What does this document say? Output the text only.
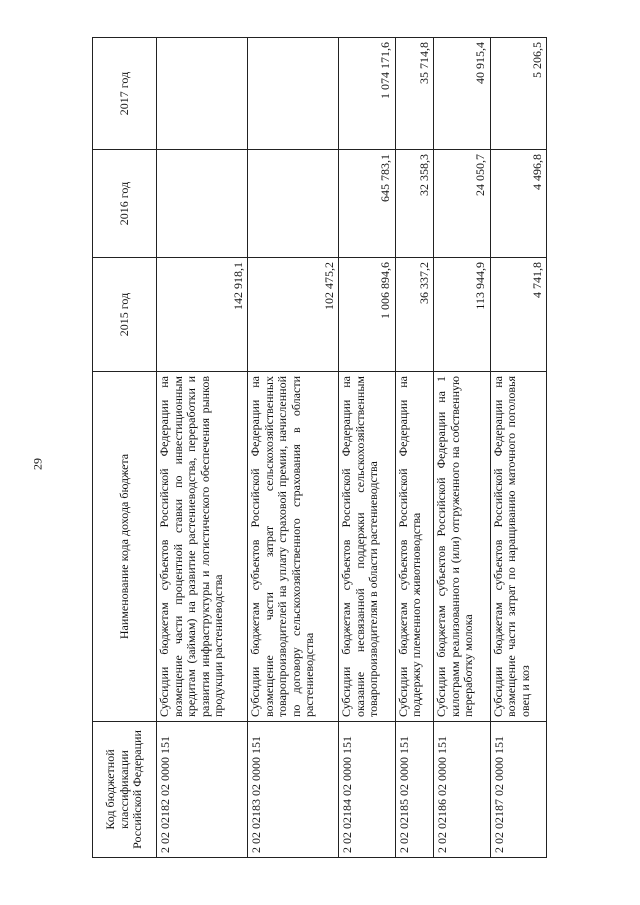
29
Код бюджетной классификации Российской Федерации	Наименование кода дохода бюджета	2015 год	2016 год	2017 год
2 02 02182 02 0000 151	Субсидии бюджетам субъектов Российской Федерации на возмещение части процентной ставки по инвестиционным кредитам (займам) на развитие растениеводства, переработки и развития инфраструктуры и логистического обеспечения рынков продукции растениеводства	142 918,1		
2 02 02183 02 0000 151	Субсидии бюджетам субъектов Российской Федерации на возмещение части затрат сельскохозяйственных товаропроизводителей на уплату страховой премии, начисленной по договору сельскохозяйственного страхования в области растениеводства	102 475,2		
2 02 02184 02 0000 151	Субсидии бюджетам субъектов Российской Федерации на оказание несвязанной поддержки сельскохозяйственным товаропроизводителям в области растениеводства	1 006 894,6	645 783,1	1 074 171,6
2 02 02185 02 0000 151	Субсидии бюджетам субъектов Российской Федерации на поддержку племенного животноводства	36 337,2	32 358,3	35 714,8
2 02 02186 02 0000 151	Субсидии бюджетам субъектов Российской Федерации на 1 килограмм реализованного и (или) отгруженного на собственную переработку молока	113 944,9	24 050,7	40 915,4
2 02 02187 02 0000 151	Субсидии бюджетам субъектов Российской Федерации на возмещение части затрат по наращиванию маточного поголовья овец и коз	4 741,8	4 496,8	5 206,5
